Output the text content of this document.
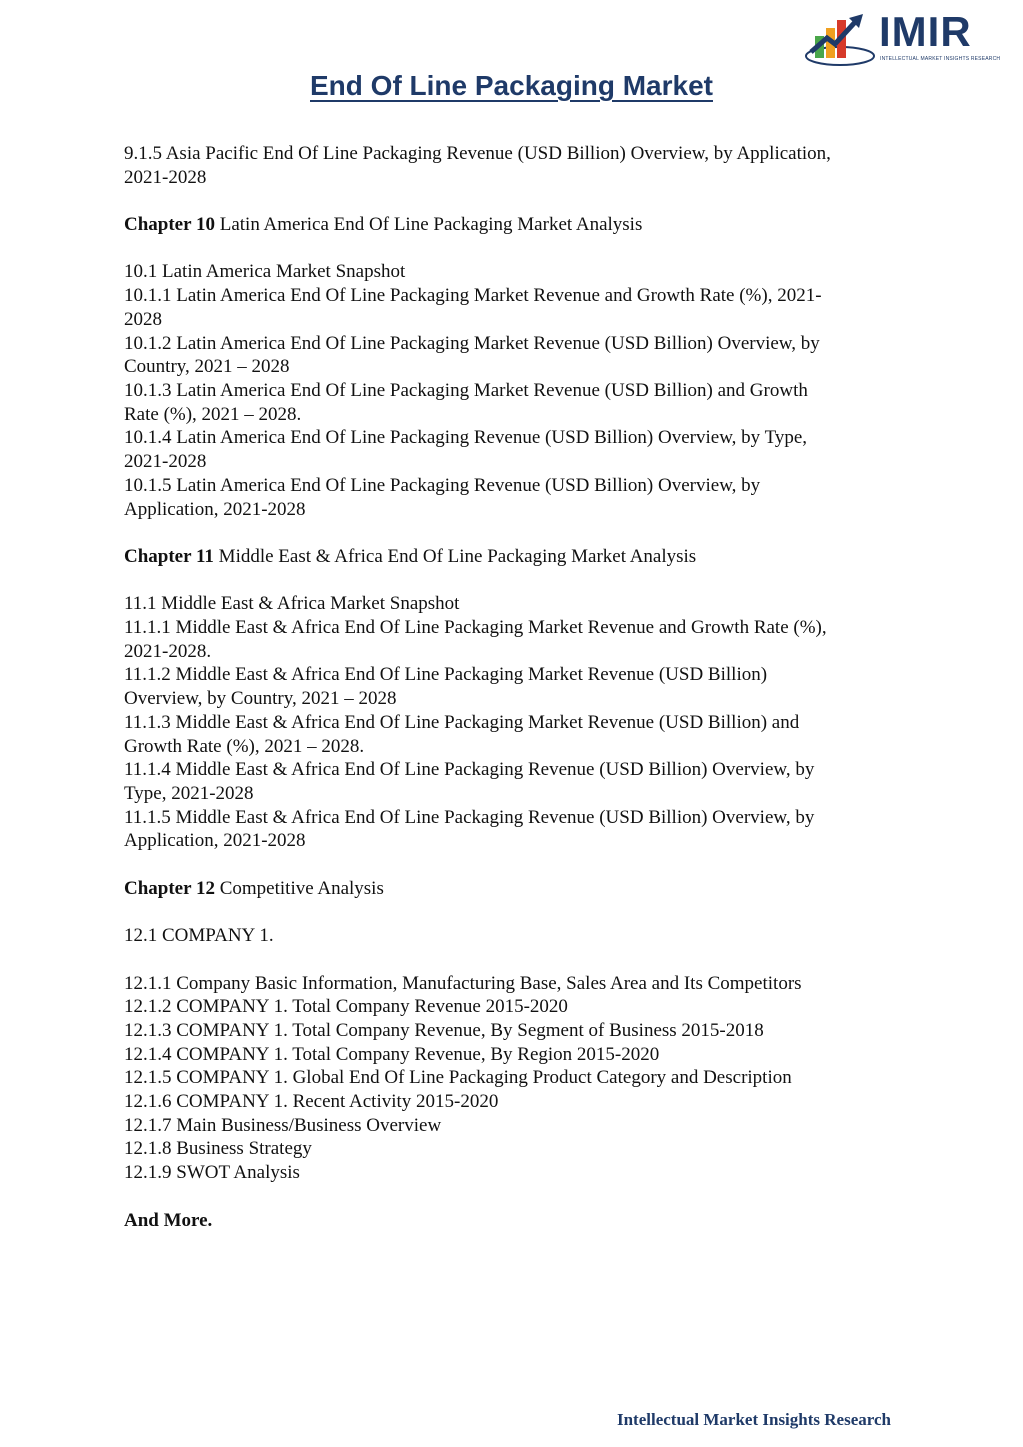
IMIR
INTELLECTUAL MARKET INSIGHTS RESEARCH
End Of Line Packaging Market

9.1.5 Asia Pacific End Of Line Packaging Revenue (USD Billion) Overview, by Application,

2021-2028

Chapter 10 Latin America End Of Line Packaging Market Analysis

10.1 Latin America Market Snapshot

10.1.1 Latin America End Of Line Packaging Market Revenue and Growth Rate (%), 2021-

2028

10.1.2 Latin America End Of Line Packaging Market Revenue (USD Billion) Overview, by

Country, 2021 – 2028

10.1.3 Latin America End Of Line Packaging Market Revenue (USD Billion) and Growth

Rate (%), 2021 – 2028.

10.1.4 Latin America End Of Line Packaging Revenue (USD Billion) Overview, by Type,

2021-2028

10.1.5 Latin America End Of Line Packaging Revenue (USD Billion) Overview, by

Application, 2021-2028

Chapter 11 Middle East & Africa End Of Line Packaging Market Analysis

11.1 Middle East & Africa Market Snapshot

11.1.1 Middle East & Africa End Of Line Packaging Market Revenue and Growth Rate (%),

2021-2028.

11.1.2 Middle East & Africa End Of Line Packaging Market Revenue (USD Billion)

Overview, by Country, 2021 – 2028

11.1.3 Middle East & Africa End Of Line Packaging Market Revenue (USD Billion) and

Growth Rate (%), 2021 – 2028.

11.1.4 Middle East & Africa End Of Line Packaging Revenue (USD Billion) Overview, by

Type, 2021-2028

11.1.5 Middle East & Africa End Of Line Packaging Revenue (USD Billion) Overview, by

Application, 2021-2028

Chapter 12 Competitive Analysis

12.1 COMPANY 1.

12.1.1 Company Basic Information, Manufacturing Base, Sales Area and Its Competitors

12.1.2 COMPANY 1. Total Company Revenue 2015-2020

12.1.3 COMPANY 1. Total Company Revenue, By Segment of Business 2015-2018

12.1.4 COMPANY 1. Total Company Revenue, By Region 2015-2020

12.1.5 COMPANY 1. Global End Of Line Packaging Product Category and Description

12.1.6 COMPANY 1. Recent Activity 2015-2020

12.1.7 Main Business/Business Overview

12.1.8 Business Strategy

12.1.9 SWOT Analysis

And More.

Intellectual Market Insights Research
